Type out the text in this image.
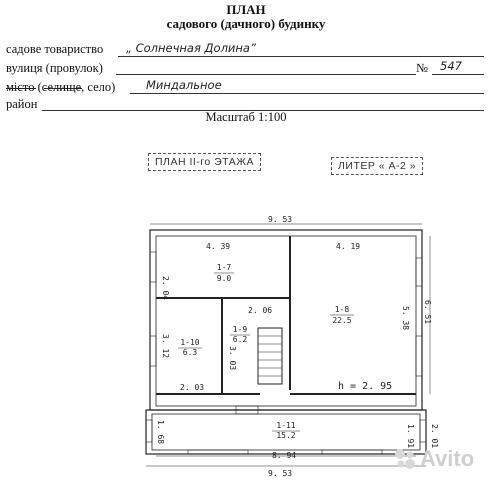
ПЛАН
садового (дачного) будинку
садове товариство „ Солнечная Долина”
вулиця (провулок)	№ 547
місто (селище, село)	Миндальное
район
Масштаб 1:100
ПЛАН II-го ЭТАЖА	ЛИТЕР « А-2 »
9. 53
9. 53
4. 39	4. 19
2. 04
6. 51
5. 38
2. 06
3. 12	3. 03
2. 03	h = 2. 95
8. 94
1. 68	1. 91 2. 01
1-7
9.0
1-8
22.5
1-9
6.2
1-10
6.3
1-11
15.2
Avito
